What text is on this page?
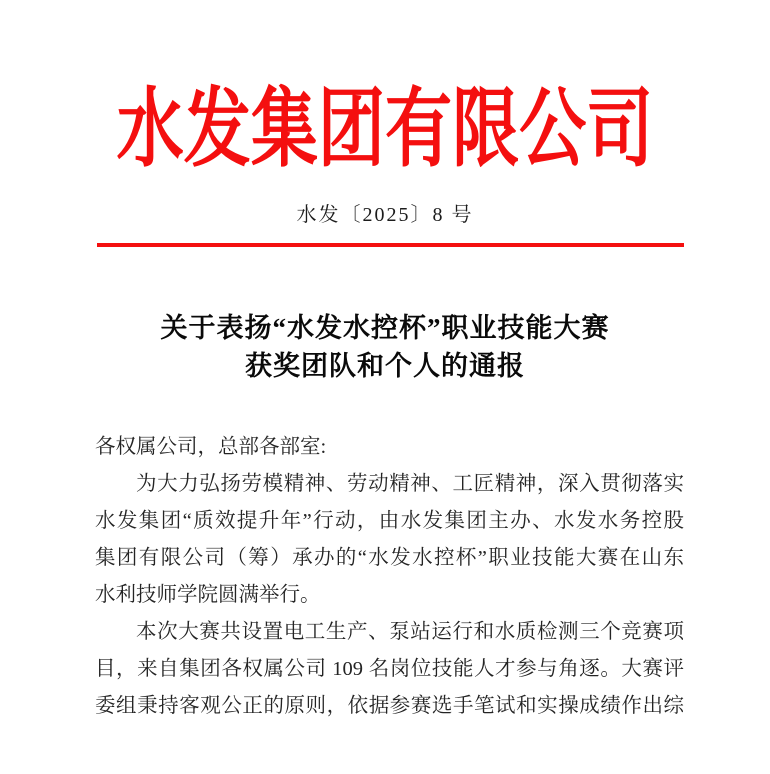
水发集团有限公司
水发〔2025〕8 号
关于表扬“水发水控杯”职业技能大赛
获奖团队和个人的通报
各权属公司，总部各部室:
为大力弘扬劳模精神、劳动精神、工匠精神，深入贯彻落实
水发集团“质效提升年”行动，由水发集团主办、水发水务控股
集团有限公司（筹）承办的“水发水控杯”职业技能大赛在山东
水利技师学院圆满举行。
本次大赛共设置电工生产、泵站运行和水质检测三个竞赛项
目，来自集团各权属公司 109 名岗位技能人才参与角逐。大赛评
委组秉持客观公正的原则，依据参赛选手笔试和实操成绩作出综
